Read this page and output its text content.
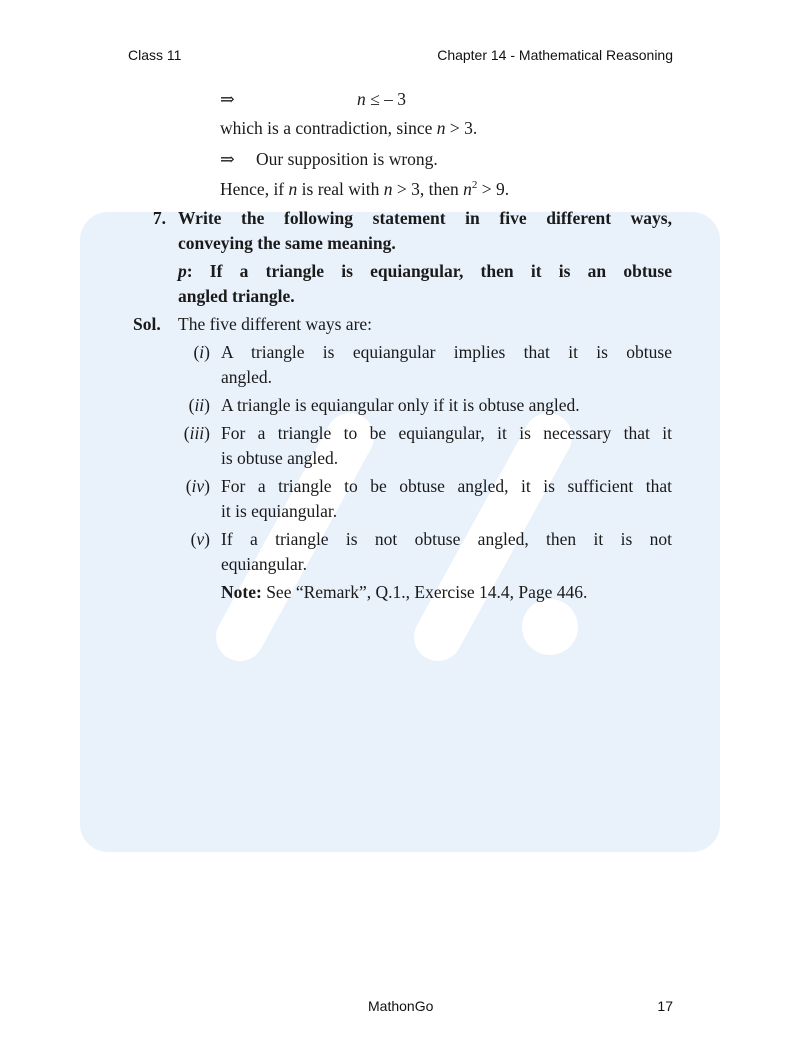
Class 11	Chapter 14 - Mathematical Reasoning
⇒	n ≤ – 3
which is a contradiction, since n > 3.
⇒ Our supposition is wrong.
Hence, if n is real with n > 3, then $n^2 > 9$.
7. Write the following statement in five different ways,
conveying the same meaning.
p: If a triangle is equiangular, then it is an obtuse
angled triangle.
Sol. The five different ways are:
(i) A triangle is equiangular implies that it is obtuse
angled.
(ii) A triangle is equiangular only if it is obtuse angled.
(iii) For a triangle to be equiangular, it is necessary that it
is obtuse angled.
(iv) For a triangle to be obtuse angled, it is sufficient that
it is equiangular.
(v) If a triangle is not obtuse angled, then it is not
equiangular.
Note: See “Remark”, Q.1., Exercise 14.4, Page 446.
MathonGo	17
